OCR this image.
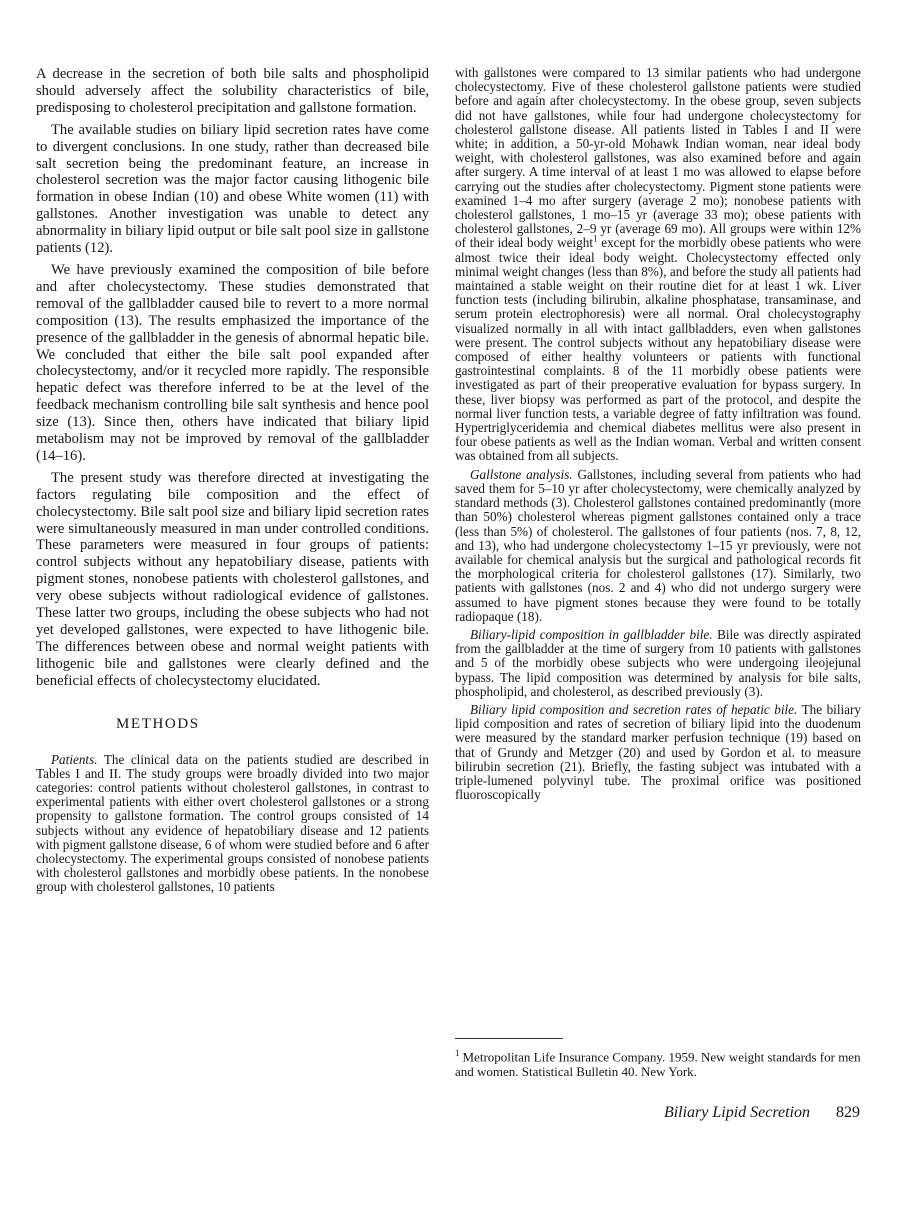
A decrease in the secretion of both bile salts and phospholipid should adversely affect the solubility characteristics of bile, predisposing to cholesterol precipitation and gallstone formation.

The available studies on biliary lipid secretion rates have come to divergent conclusions. In one study, rather than decreased bile salt secretion being the predominant feature, an increase in cholesterol secretion was the major factor causing lithogenic bile formation in obese Indian (10) and obese White women (11) with gallstones. Another investigation was unable to detect any abnormality in biliary lipid output or bile salt pool size in gallstone patients (12).

We have previously examined the composition of bile before and after cholecystectomy. These studies demonstrated that removal of the gallbladder caused bile to revert to a more normal composition (13). The results emphasized the importance of the presence of the gallbladder in the genesis of abnormal hepatic bile. We concluded that either the bile salt pool expanded after cholecystectomy, and/or it recycled more rapidly. The responsible hepatic defect was therefore inferred to be at the level of the feedback mechanism controlling bile salt synthesis and hence pool size (13). Since then, others have indicated that biliary lipid metabolism may not be improved by removal of the gallbladder (14–16).

The present study was therefore directed at investigating the factors regulating bile composition and the effect of cholecystectomy. Bile salt pool size and biliary lipid secretion rates were simultaneously measured in man under controlled conditions. These parameters were measured in four groups of patients: control subjects without any hepatobiliary disease, patients with pigment stones, nonobese patients with cholesterol gallstones, and very obese subjects without radiological evidence of gallstones. These latter two groups, including the obese subjects who had not yet developed gallstones, were expected to have lithogenic bile. The differences between obese and normal weight patients with lithogenic bile and gallstones were clearly defined and the beneficial effects of cholecystectomy elucidated.

METHODS

Patients. The clinical data on the patients studied are described in Tables I and II. The study groups were broadly divided into two major categories: control patients without cholesterol gallstones, in contrast to experimental patients with either overt cholesterol gallstones or a strong propensity to gallstone formation. The control groups consisted of 14 subjects without any evidence of hepatobiliary disease and 12 patients with pigment gallstone disease, 6 of whom were studied before and 6 after cholecystectomy. The experimental groups consisted of nonobese patients with cholesterol gallstones and morbidly obese patients. In the nonobese group with cholesterol gallstones, 10 patients

with gallstones were compared to 13 similar patients who had undergone cholecystectomy. Five of these cholesterol gallstone patients were studied before and again after cholecystectomy. In the obese group, seven subjects did not have gallstones, while four had undergone cholecystectomy for cholesterol gallstone disease. All patients listed in Tables I and II were white; in addition, a 50-yr-old Mohawk Indian woman, near ideal body weight, with cholesterol gallstones, was also examined before and again after surgery. A time interval of at least 1 mo was allowed to elapse before carrying out the studies after cholecystectomy. Pigment stone patients were examined 1–4 mo after surgery (average 2 mo); nonobese patients with cholesterol gallstones, 1 mo–15 yr (average 33 mo); obese patients with cholesterol gallstones, 2–9 yr (average 69 mo). All groups were within 12% of their ideal body weight$^1$ except for the morbidly obese patients who were almost twice their ideal body weight. Cholecystectomy effected only minimal weight changes (less than 8%), and before the study all patients had maintained a stable weight on their routine diet for at least 1 wk. Liver function tests (including bilirubin, alkaline phosphatase, transaminase, and serum protein electrophoresis) were all normal. Oral cholecystography visualized normally in all with intact gallbladders, even when gallstones were present. The control subjects without any hepatobiliary disease were composed of either healthy volunteers or patients with functional gastrointestinal complaints. 8 of the 11 morbidly obese patients were investigated as part of their preoperative evaluation for bypass surgery. In these, liver biopsy was performed as part of the protocol, and despite the normal liver function tests, a variable degree of fatty infiltration was found. Hypertriglyceridemia and chemical diabetes mellitus were also present in four obese patients as well as the Indian woman. Verbal and written consent was obtained from all subjects.

Gallstone analysis. Gallstones, including several from patients who had saved them for 5–10 yr after cholecystectomy, were chemically analyzed by standard methods (3). Cholesterol gallstones contained predominantly (more than 50%) cholesterol whereas pigment gallstones contained only a trace (less than 5%) of cholesterol. The gallstones of four patients (nos. 7, 8, 12, and 13), who had undergone cholecystectomy 1–15 yr previously, were not available for chemical analysis but the surgical and pathological records fit the morphological criteria for cholesterol gallstones (17). Similarly, two patients with gallstones (nos. 2 and 4) who did not undergo surgery were assumed to have pigment stones because they were found to be totally radiopaque (18).

Biliary-lipid composition in gallbladder bile. Bile was directly aspirated from the gallbladder at the time of surgery from 10 patients with gallstones and 5 of the morbidly obese subjects who were undergoing ileojejunal bypass. The lipid composition was determined by analysis for bile salts, phospholipid, and cholesterol, as described previously (3).

Biliary lipid composition and secretion rates of hepatic bile. The biliary lipid composition and rates of secretion of biliary lipid into the duodenum were measured by the standard marker perfusion technique (19) based on that of Grundy and Metzger (20) and used by Gordon et al. to measure bilirubin secretion (21). Briefly, the fasting subject was intubated with a triple-lumened polyvinyl tube. The proximal orifice was positioned fluoroscopically

$^1$ Metropolitan Life Insurance Company. 1959. New weight standards for men and women. Statistical Bulletin 40. New York.
Biliary Lipid Secretion 829
